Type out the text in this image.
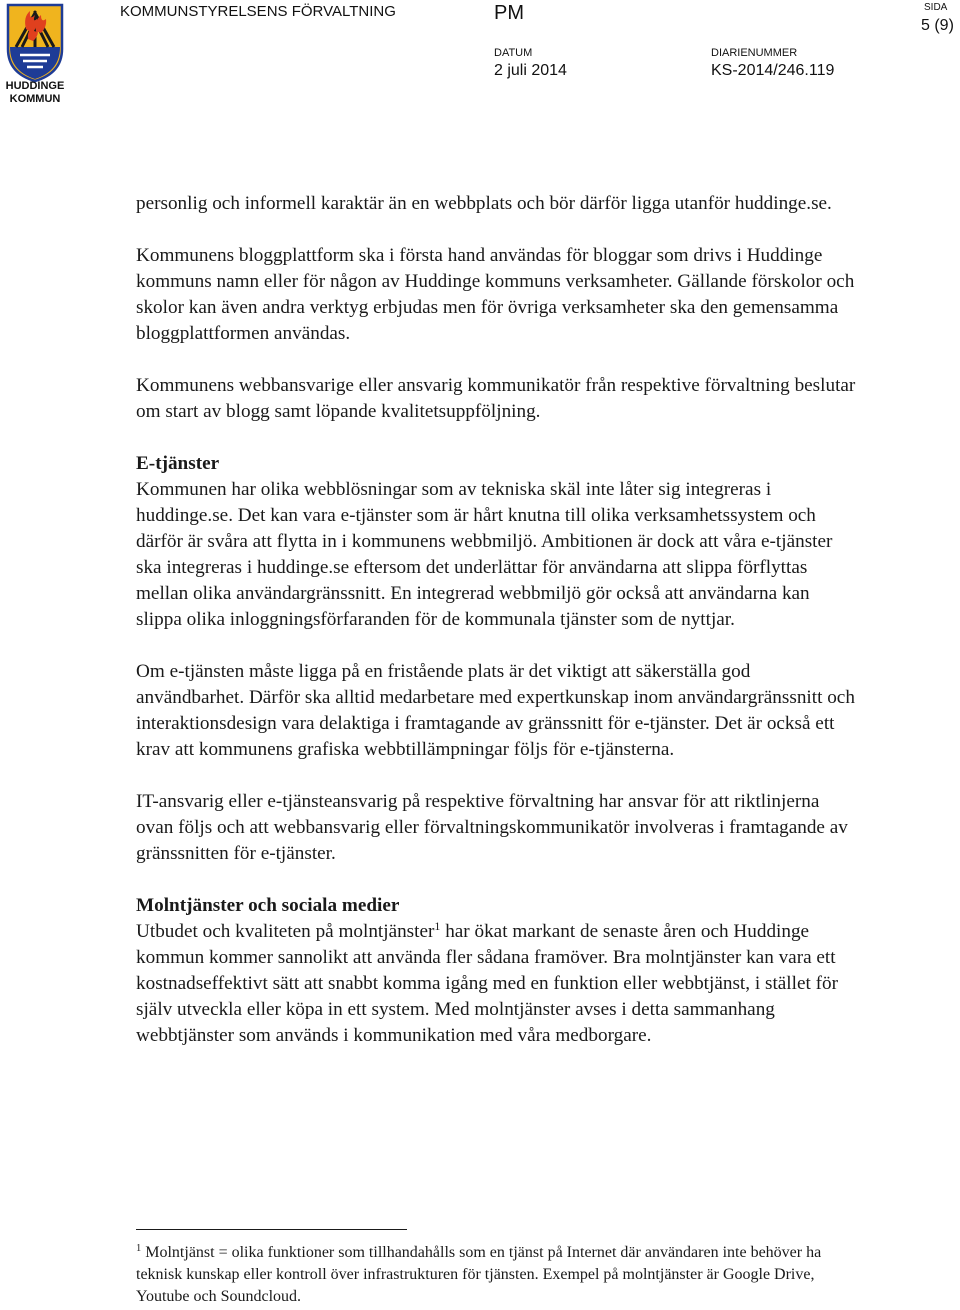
HUDDINGE
KOMMUN
KOMMUNSTYRELSENS FÖRVALTNING	PM	SIDA
5 (9)
DATUM
2 juli 2014
DIARIENUMMER
KS-2014/246.119

personlig och informell karaktär än en webbplats och bör därför ligga utanför huddinge.se.

Kommunens bloggplattform ska i första hand användas för bloggar som drivs i Huddinge kommuns namn eller för någon av Huddinge kommuns verksamheter. Gällande förskolor och skolor kan även andra verktyg erbjudas men för övriga verksamheter ska den gemensamma bloggplattformen användas.

Kommunens webbansvarige eller ansvarig kommunikatör från respektive förvaltning beslutar om start av blogg samt löpande kvalitetsuppföljning.

E-tjänster

Kommunen har olika webblösningar som av tekniska skäl inte låter sig integreras i huddinge.se. Det kan vara e-tjänster som är hårt knutna till olika verksamhetssystem och därför är svåra att flytta in i kommunens webbmiljö. Ambitionen är dock att våra e-tjänster ska integreras i huddinge.se eftersom det underlättar för användarna att slippa förflyttas mellan olika användargränssnitt. En integrerad webbmiljö gör också att användarna kan slippa olika inloggningsförfaranden för de kommunala tjänster som de nyttjar.

Om e-tjänsten måste ligga på en fristående plats är det viktigt att säkerställa god användbarhet. Därför ska alltid medarbetare med expertkunskap inom användargränssnitt och interaktionsdesign vara delaktiga i framtagande av gränssnitt för e-tjänster. Det är också ett krav att kommunens grafiska webbtillämpningar följs för e-tjänsterna.

IT-ansvarig eller e-tjänsteansvarig på respektive förvaltning har ansvar för att riktlinjerna ovan följs och att webbansvarig eller förvaltningskommunikatör involveras i framtagande av gränssnitten för e-tjänster.

Molntjänster och sociala medier

Utbudet och kvaliteten på molntjänster$^1$ har ökat markant de senaste åren och Huddinge kommun kommer sannolikt att använda fler sådana framöver. Bra molntjänster kan vara ett kostnadseffektivt sätt att snabbt komma igång med en funktion eller webbtjänst, i stället för själv utveckla eller köpa in ett system. Med molntjänster avses i detta sammanhang webbtjänster som används i kommunikation med våra medborgare.

$^1$ Molntjänst = olika funktioner som tillhandahålls som en tjänst på Internet där användaren inte behöver ha teknisk kunskap eller kontroll över infrastrukturen för tjänsten. Exempel på molntjänster är Google Drive, Youtube och Soundcloud.
